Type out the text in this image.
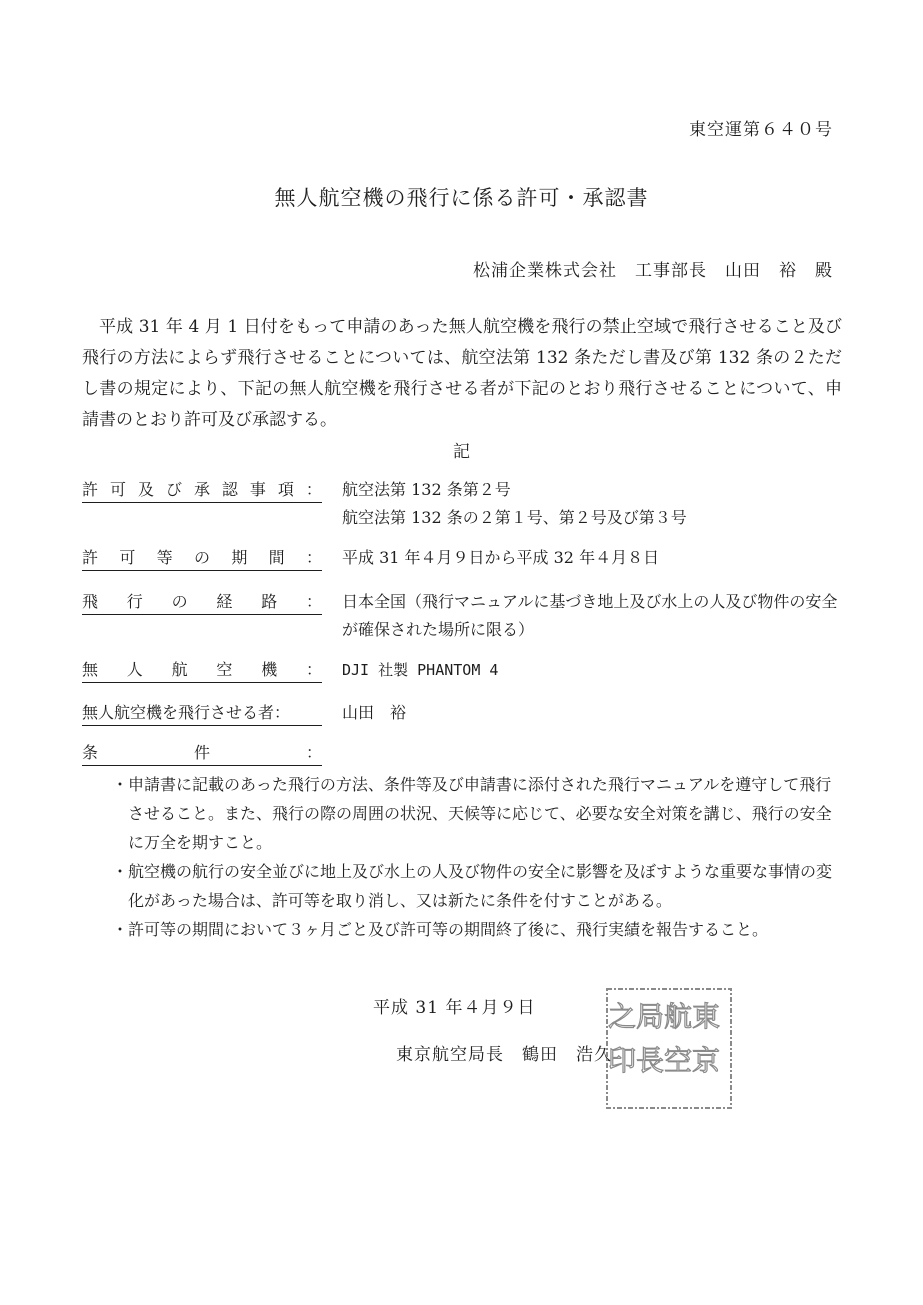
東空運第６４０号
無人航空機の飛行に係る許可・承認書
松浦企業株式会社　工事部長　山田　裕　殿
平成 31 年 4 月 1 日付をもって申請のあった無人航空機を飛行の禁止空域で飛行させること及び飛行の方法によらず飛行させることについては、航空法第 132 条ただし書及び第 132 条の２ただし書の規定により、下記の無人航空機を飛行させる者が下記のとおり飛行させることについて、申請書のとおり許可及び承認する。
記
許 可 及 び 承 認 事 項 ： 航空法第 132 条第２号
航空法第 132 条の２第１号、第２号及び第３号
許 可 等 の 期 間 ： 平成 31 年４月９日から平成 32 年４月８日
飛 行 の 経 路 ： 日本全国（飛行マニュアルに基づき地上及び水上の人及び物件の安全が確保された場所に限る）
無 人 航 空 機 ： DJI 社製 PHANTOM 4
無人航空機を飛行させる者：	山田　裕
条	件	：
・ 申請書に記載のあった飛行の方法、条件等及び申請書に添付された飛行マニュアルを遵守して飛行させること。また、飛行の際の周囲の状況、天候等に応じて、必要な安全対策を講じ、飛行の安全に万全を期すこと。
・ 航空機の航行の安全並びに地上及び水上の人及び物件の安全に影響を及ぼすような重要な事情の変化があった場合は、許可等を取り消し、又は新たに条件を付すことがある。
・ 許可等の期間において３ヶ月ごと及び許可等の期間終了後に、飛行実績を報告すること。
平成 31 年４月９日
東京航空局長　鶴田　浩久
東
京
航
空
局
長
之
印
